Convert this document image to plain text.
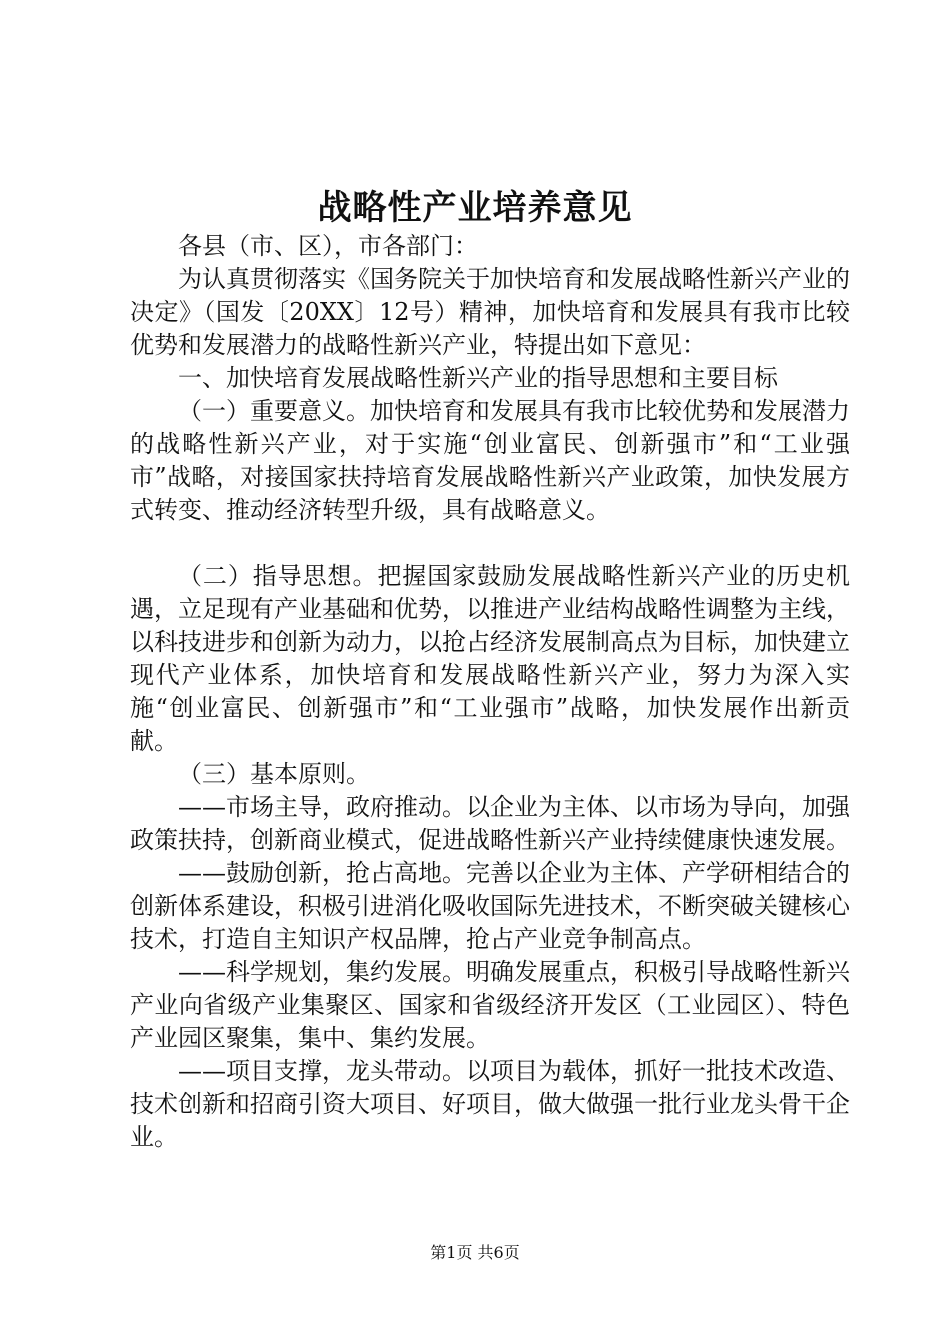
战略性产业培养意见

各县（市、区），市各部门：

为认真贯彻落实《国务院关于加快培育和发展战略性新兴产业的决定》（国发〔20XX〕12号）精神，加快培育和发展具有我市比较优势和发展潜力的战略性新兴产业，特提出如下意见：

一、加快培育发展战略性新兴产业的指导思想和主要目标

（一）重要意义。加快培育和发展具有我市比较优势和发展潜力的战略性新兴产业，对于实施“创业富民、创新强市”和“工业强市”战略，对接国家扶持培育发展战略性新兴产业政策，加快发展方式转变、推动经济转型升级，具有战略意义。

（二）指导思想。把握国家鼓励发展战略性新兴产业的历史机遇，立足现有产业基础和优势，以推进产业结构战略性调整为主线，以科技进步和创新为动力，以抢占经济发展制高点为目标，加快建立现代产业体系，加快培育和发展战略性新兴产业，努力为深入实施“创业富民、创新强市”和“工业强市”战略，加快发展作出新贡献。

（三）基本原则。

——市场主导，政府推动。以企业为主体、以市场为导向，加强政策扶持，创新商业模式，促进战略性新兴产业持续健康快速发展。

——鼓励创新，抢占高地。完善以企业为主体、产学研相结合的创新体系建设，积极引进消化吸收国际先进技术，不断突破关键核心技术，打造自主知识产权品牌，抢占产业竞争制高点。

——科学规划，集约发展。明确发展重点，积极引导战略性新兴产业向省级产业集聚区、国家和省级经济开发区（工业园区）、特色产业园区聚集，集中、集约发展。

——项目支撑，龙头带动。以项目为载体，抓好一批技术改造、技术创新和招商引资大项目、好项目，做大做强一批行业龙头骨干企业。

第1页 共6页
